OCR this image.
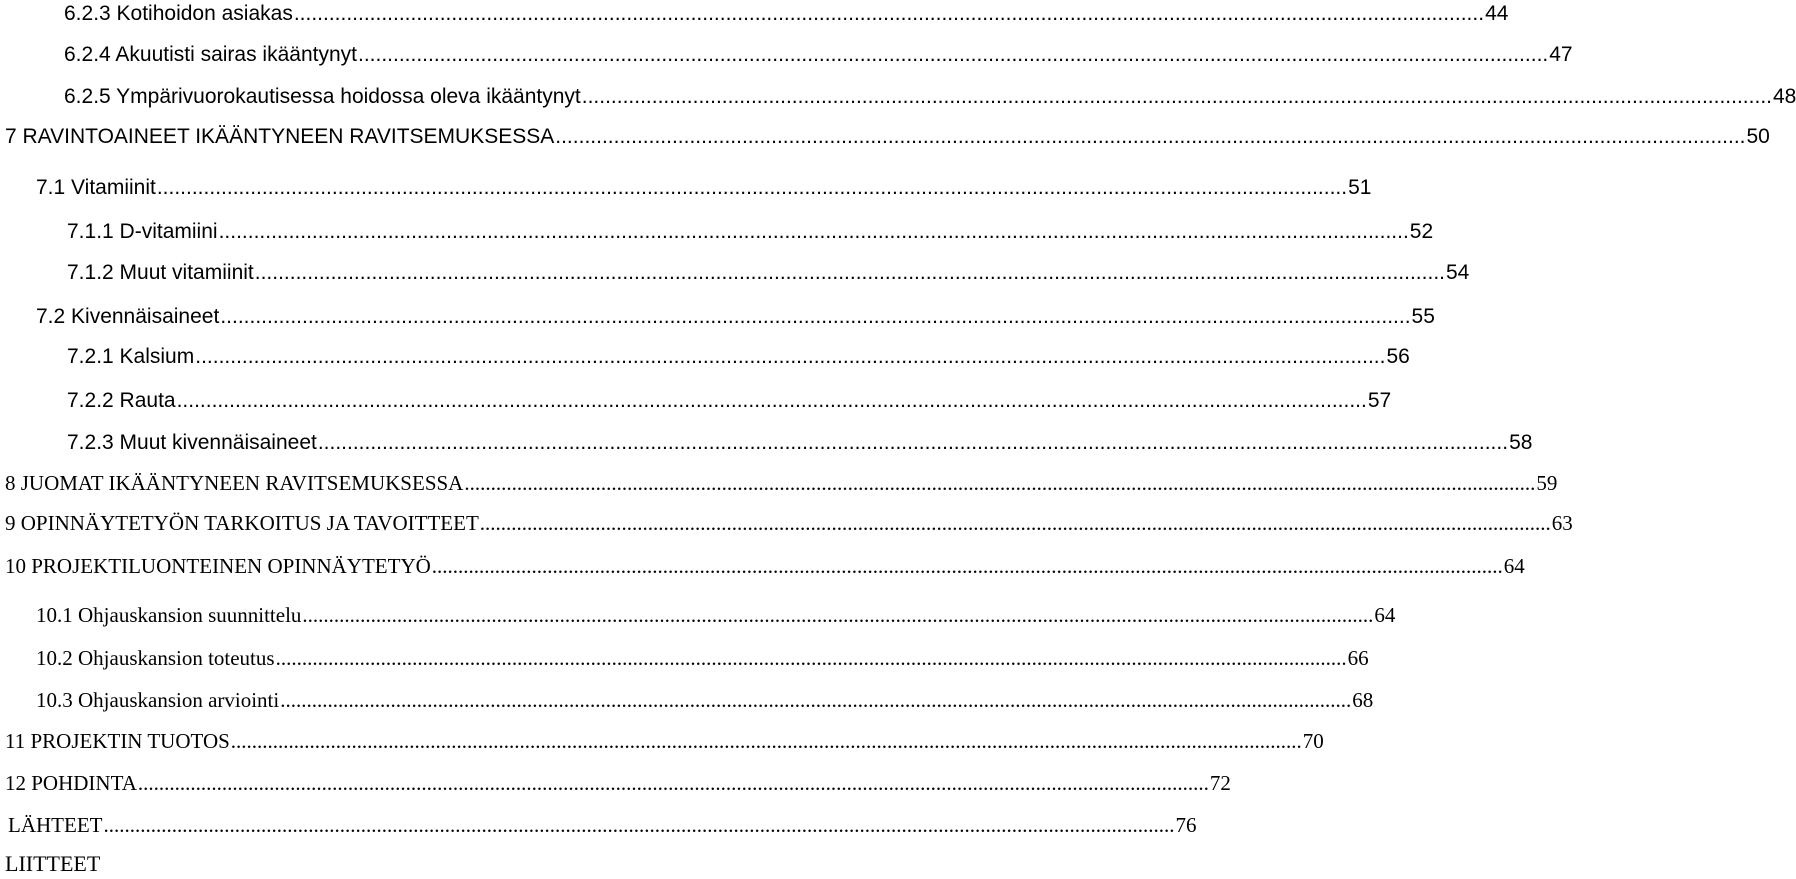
6.2.3 Kotihoidon asiakas ............................................................................................................................................................................................................ 44
6.2.4 Akuutisti sairas ikääntynyt ............................................................................................................................................................................................................ 47
6.2.5 Ympärivuorokautisessa hoidossa oleva ikääntynyt ............................................................................................................................................................................................................ 48
7 RAVINTOAINEET IKÄÄNTYNEEN RAVITSEMUKSESSA ............................................................................................................................................................................................................ 50
7.1 Vitamiinit ............................................................................................................................................................................................................ 51
7.1.1 D-vitamiini ............................................................................................................................................................................................................ 52
7.1.2 Muut vitamiinit ............................................................................................................................................................................................................ 54
7.2 Kivennäisaineet ............................................................................................................................................................................................................ 55
7.2.1 Kalsium ............................................................................................................................................................................................................ 56
7.2.2 Rauta ............................................................................................................................................................................................................ 57
7.2.3 Muut kivennäisaineet ............................................................................................................................................................................................................ 58
8 JUOMAT IKÄÄNTYNEEN RAVITSEMUKSESSA ............................................................................................................................................................................................................ 59
9 OPINNÄYTETYÖN TARKOITUS JA TAVOITTEET ............................................................................................................................................................................................................ 63
10 PROJEKTILUONTEINEN OPINNÄYTETYÖ ............................................................................................................................................................................................................ 64
10.1 Ohjauskansion suunnittelu ............................................................................................................................................................................................................ 64
10.2 Ohjauskansion toteutus ............................................................................................................................................................................................................ 66
10.3 Ohjauskansion arviointi ............................................................................................................................................................................................................ 68
11 PROJEKTIN TUOTOS ............................................................................................................................................................................................................ 70
12 POHDINTA ............................................................................................................................................................................................................ 72
LÄHTEET ............................................................................................................................................................................................................ 76
LIITTEET
